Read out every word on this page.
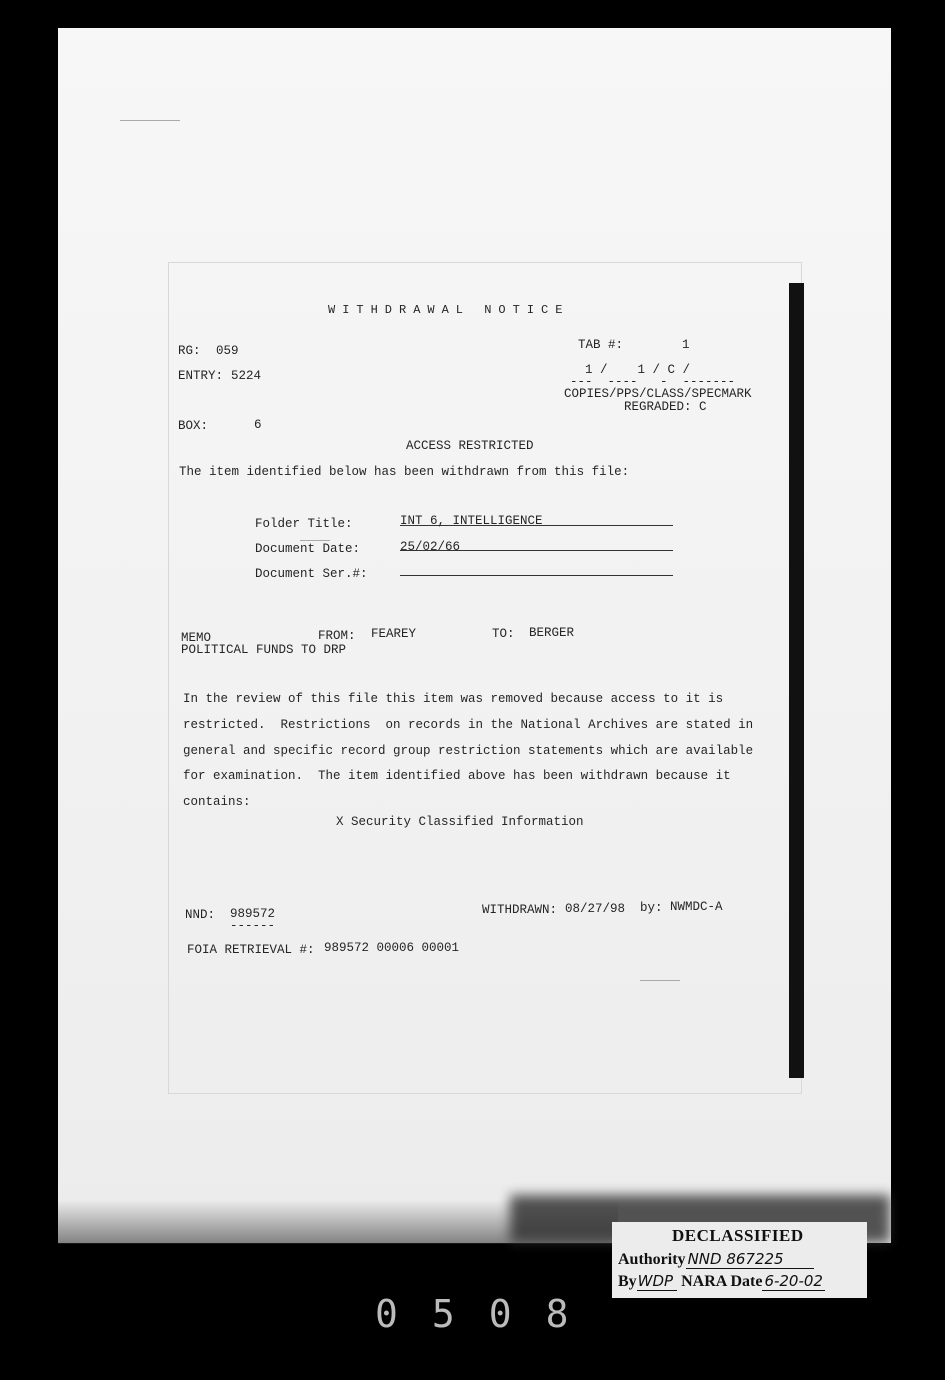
WITHDRAWAL NOTICE
RG: 059
ENTRY: 5224
BOX:	6
TAB #:	1
1 /    1 / C /
---  ----   -  -------
COPIES/PPS/CLASS/SPECMARK
REGRADED: C
ACCESS RESTRICTED
The item identified below has been withdrawn from this file:
Folder Title:	INT 6, INTELLIGENCE
Document Date:	25/02/66
Document Ser.#:
MEMO	FROM: FEAREY	TO: BERGER
POLITICAL FUNDS TO DRP
In the review of this file this item was removed because access to it is
restricted.  Restrictions  on records in the National Archives are stated in
general and specific record group restriction statements which are available
for examination.  The item identified above has been withdrawn because it
contains:
X Security Classified Information
NND: 989572
------
WITHDRAWN: 08/27/98 by: NWMDC-A
FOIA RETRIEVAL #: 989572 00006 00001
DECLASSIFIED
Authority NND 867225
ByWDP NARA Date 6-20-02
0508
